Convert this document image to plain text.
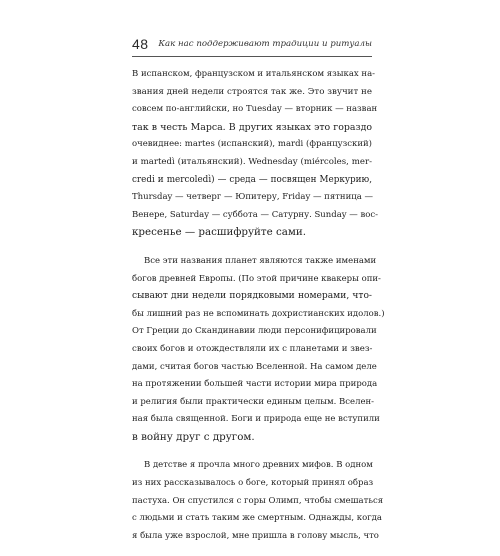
48 Как нас поддерживают традиции и ритуалы
В испанском, французском и итальянском языках на-
звания дней недели строятся так же. Это звучит не
совсем по-английски, но Tuesday — вторник — назван
так в честь Марса. В других языках это гораздо
очевиднее: martes (испанский), mardi (французский)
и martedì (итальянский). Wednesday (miércoles, mer-
credi и mercoledì) — среда — посвящен Меркурию,
Thursday — четверг — Юпитеру, Friday — пятница —
Венере, Saturday — суббота — Сатурну. Sunday — вос-
кресенье — расшифруйте сами.
Все эти названия планет являются также именами
богов древней Европы. (По этой причине квакеры опи-
сывают дни недели порядковыми номерами, что-
бы лишний раз не вспоминать дохристианских идолов.)
От Греции до Скандинавии люди персонифицировали
своих богов и отождествляли их с планетами и звез-
дами, считая богов частью Вселенной. На самом деле
на протяжении большей части истории мира природа
и религия были практически единым целым. Вселен-
ная была священной. Боги и природа еще не вступили
в войну друг с другом.
В детстве я прочла много древних мифов. В одном
из них рассказывалось о боге, который принял образ
пастуха. Он спустился с горы Олимп, чтобы смешаться
с людьми и стать таким же смертным. Однажды, когда
я была уже взрослой, мне пришла в голову мысль, что
